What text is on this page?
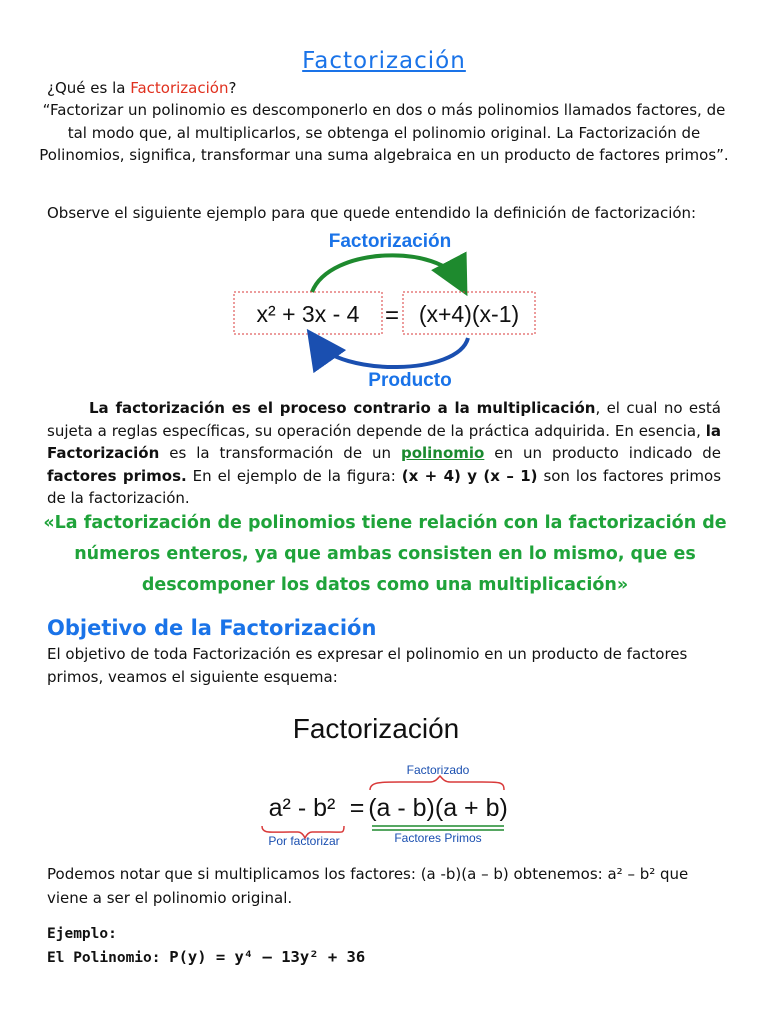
Factorización
¿Qué es la Factorización?
“Factorizar un polinomio es descomponerlo en dos o más polinomios llamados factores, de tal modo que, al multiplicarlos, se obtenga el polinomio original. La Factorización de Polinomios, significa, transformar una suma algebraica en un producto de factores primos”.
Observe el siguiente ejemplo para que quede entendido la definición de factorización:
Factorización
x² + 3x - 4 = (x+4)(x-1)
Producto
La factorización es el proceso contrario a la multiplicación, el cual no está sujeta a reglas específicas, su operación depende de la práctica adquirida. En esencia, la Factorización es la transformación de un polinomio en un producto indicado de factores primos. En el ejemplo de la figura: (x + 4) y (x – 1) son los factores primos de la factorización.
«La factorización de polinomios tiene relación con la factorización de números enteros, ya que ambas consisten en lo mismo, que es descomponer los datos como una multiplicación»
Objetivo de la Factorización
El objetivo de toda Factorización es expresar el polinomio en un producto de factores primos, veamos el siguiente esquema:
Factorización
Factorizado
a² - b² = (a - b)(a + b)
Por factorizar	Factores Primos
Podemos notar que si multiplicamos los factores: (a -b)(a – b) obtenemos: a² – b² que viene a ser el polinomio original.
Ejemplo:
El Polinomio: P(y) = y⁴ – 13y² + 36
